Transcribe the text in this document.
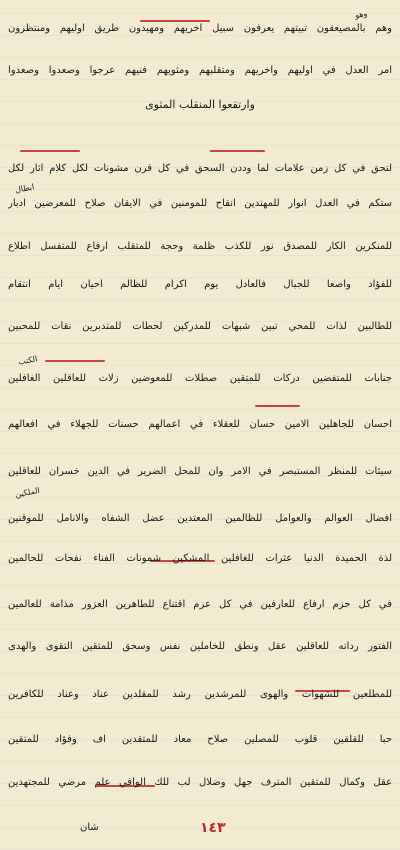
وهم بالمصيعقون تبيتهم يعرفون سبيل اخريهم ومهيدون طريق اوليهم ومنتظرون
امر العدل في اوليهم واخريهم ومتقلبهم ومثويهم فنيهم عرجوا وصعدوا وصعدوا
وارتقعوا المنقلب المثوى
لتحق في كل زمن علامات لما وددن السحق في كل قرن مشونات لكل كلام اثار لكل
ستكم في العدل انوار للمهتدين انقاح للمومنين في الايقان صلاح للمعرضين ادبار
للمنكرين الكار للمصدق نور للكذب ظلمة وحجة للمتقلب ارفاع للمتفسل اطلاع
للفؤاد واصعا للجبال فالعادل يوم اكرام للظالم احيان ايام انتقام
للطالبين لذات للمحي تبين شبهات للمدركين لحطات للمتدبرين نقات للمحبين
جنابات للمتفضين دركات للمتقين صطلات للمعوضين زلات للعاقلين الغافلين
احسان للجاهلين الامين حسان للعقلاء في اعمالهم حسنات للجهلاء في افعالهم
سيئات للمنظر المستبصر في الامر وان للمحل الضرير في الدين خسران للعاقلين
افضال العوالم والعوامل للظالمين المعتدين عضل الشفاه والانامل للموقنين
لذة الحميدة الدنيا عثرات للغافلين المشكين شمونات الفناء نفحات للحالمين
في كل حزم ارفاع للعارفين في كل عزم اقتناع للطاهرين العزور مذامة للعالمين
الفتور رداته للعاقلين عقل ونطق للخاملين نفس وسحق للمتقين التقوى والهدى
للمطلعين للشهوات والهوى للمرشدين رشد للمقلدين عناد وعناد للكافرين
حبا للقلقين قلوب للمصلين صلاح معاد للمتقدين اف وفؤاد للمتقين
عقل وكمال للمتقين المترف جهل وضلال لب للك الوافي علم مرضي للمجتهدين
وهو
ابطال
الكتب
الملكين
شان	١٤٣
